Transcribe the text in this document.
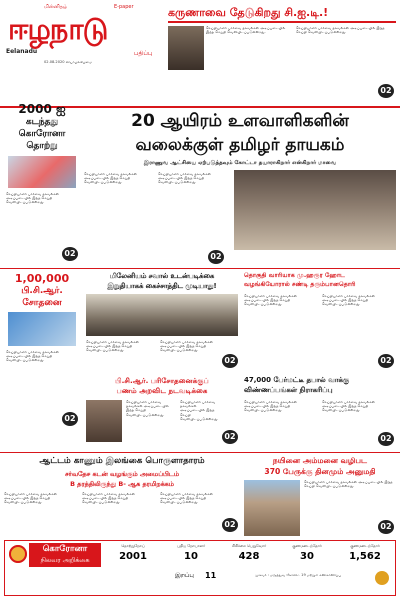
மின்னிதழ்	E-paper
ஈழநாடு
Eelanadu
02.08.2020 வியாழக்கிழமை
பதிப்பு
கருணாவை தேடுகிறது சி.ஐ.டி.!
செய்தியாளர் பார்வை தகவல்கள் அடிப்படையில் இந்த செய்தி வெளியிடப்படுகின்றது.
செய்தியாளர் பார்வை தகவல்கள் அடிப்படையில் இந்த செய்தி வெளியிடப்படுகின்றது.
02
2000 ஐ
கடந்தது
கொரோனா
தொற்று
செய்தியாளர் பார்வை தகவல்கள் அடிப்படையில் இந்த செய்தி வெளியிடப்படுகின்றது.
02
20 ஆயிரம் உளவாளிகளின்
வலைக்குள் தமிழர் தாயகம்
இராணுவ ஆட்சியை ஏற்படுத்தவும் கோட்டா தயாராகிறார் என்கிறார் மாவை
செய்தியாளர் பார்வை தகவல்கள் அடிப்படையில் இந்த செய்தி வெளியிடப்படுகின்றது.
செய்தியாளர் பார்வை தகவல்கள் அடிப்படையில் இந்த செய்தி வெளியிடப்படுகின்றது.
02
1,00,000
பி.சி.ஆர்.
சோதனை
செய்தியாளர் பார்வை தகவல்கள் அடிப்படையில் இந்த செய்தி வெளியிடப்படுகின்றது.
02
மிலேனியம் சவால் உடன்படிக்கை
இறுதியாகக் கைச்சாத்திட முடியாது!
செய்தியாளர் பார்வை தகவல்கள் அடிப்படையில் இந்த செய்தி வெளியிடப்படுகின்றது.
செய்தியாளர் பார்வை தகவல்கள் அடிப்படையில் இந்த செய்தி வெளியிடப்படுகின்றது.
02
தொகுதி வாரியாக மு.ஹரூர ஹோட
வழங்கியோரால் சண்டி தரும்பானதொரி
செய்தியாளர் பார்வை தகவல்கள் அடிப்படையில் இந்த செய்தி வெளியிடப்படுகின்றது.
செய்தியாளர் பார்வை தகவல்கள் அடிப்படையில் இந்த செய்தி வெளியிடப்படுகின்றது.
02
பி.சி.ஆர். பரிசோதனைக்குப்
பணம் அறவிட நடவடிக்கை
செய்தியாளர் பார்வை தகவல்கள் அடிப்படையில் இந்த செய்தி வெளியிடப்படுகின்றது.
செய்தியாளர் பார்வை தகவல்கள் அடிப்படையில் இந்த செய்தி வெளியிடப்படுகின்றது.
02
47,000 பேர்மட்டீ தபால் வாக்கு
விண்ணப்பங்கள் நிராகரிப்பு
செய்தியாளர் பார்வை தகவல்கள் அடிப்படையில் இந்த செய்தி வெளியிடப்படுகின்றது.
செய்தியாளர் பார்வை தகவல்கள் அடிப்படையில் இந்த செய்தி வெளியிடப்படுகின்றது.
02
ஆட்டம் காணும் இலங்கை பொருளாதாரம்
சர்வதேச கடன் வழங்கும் அமைப்பிடம்
B தரத்திலிருந்து B- ஆக தரமிறக்கம்
செய்தியாளர் பார்வை தகவல்கள் அடிப்படையில் இந்த செய்தி வெளியிடப்படுகின்றது.
செய்தியாளர் பார்வை தகவல்கள் அடிப்படையில் இந்த செய்தி வெளியிடப்படுகின்றது.
செய்தியாளர் பார்வை தகவல்கள் அடிப்படையில் இந்த செய்தி வெளியிடப்படுகின்றது.
02
நயினை அம்மனை வழிபட
370 பேருக்கு தினமும் அனுமதி
செய்தியாளர் பார்வை தகவல்கள் அடிப்படையில் இந்த செய்தி வெளியிடப்படுகின்றது.
02
கொரோனா
நிலவர அறிக்கை
தொற்றுநோய்	புதிய நோயாளர்	சிகிச்சை பெறுவோர்	குணமடைந்தோர்	குணமடைந்தோர்
2001	10	428	30	1,562
இறப்பு 11	முகவர் : மருத்துவ கோவிட் 19 மற்றும் கண்காணிப்பு
